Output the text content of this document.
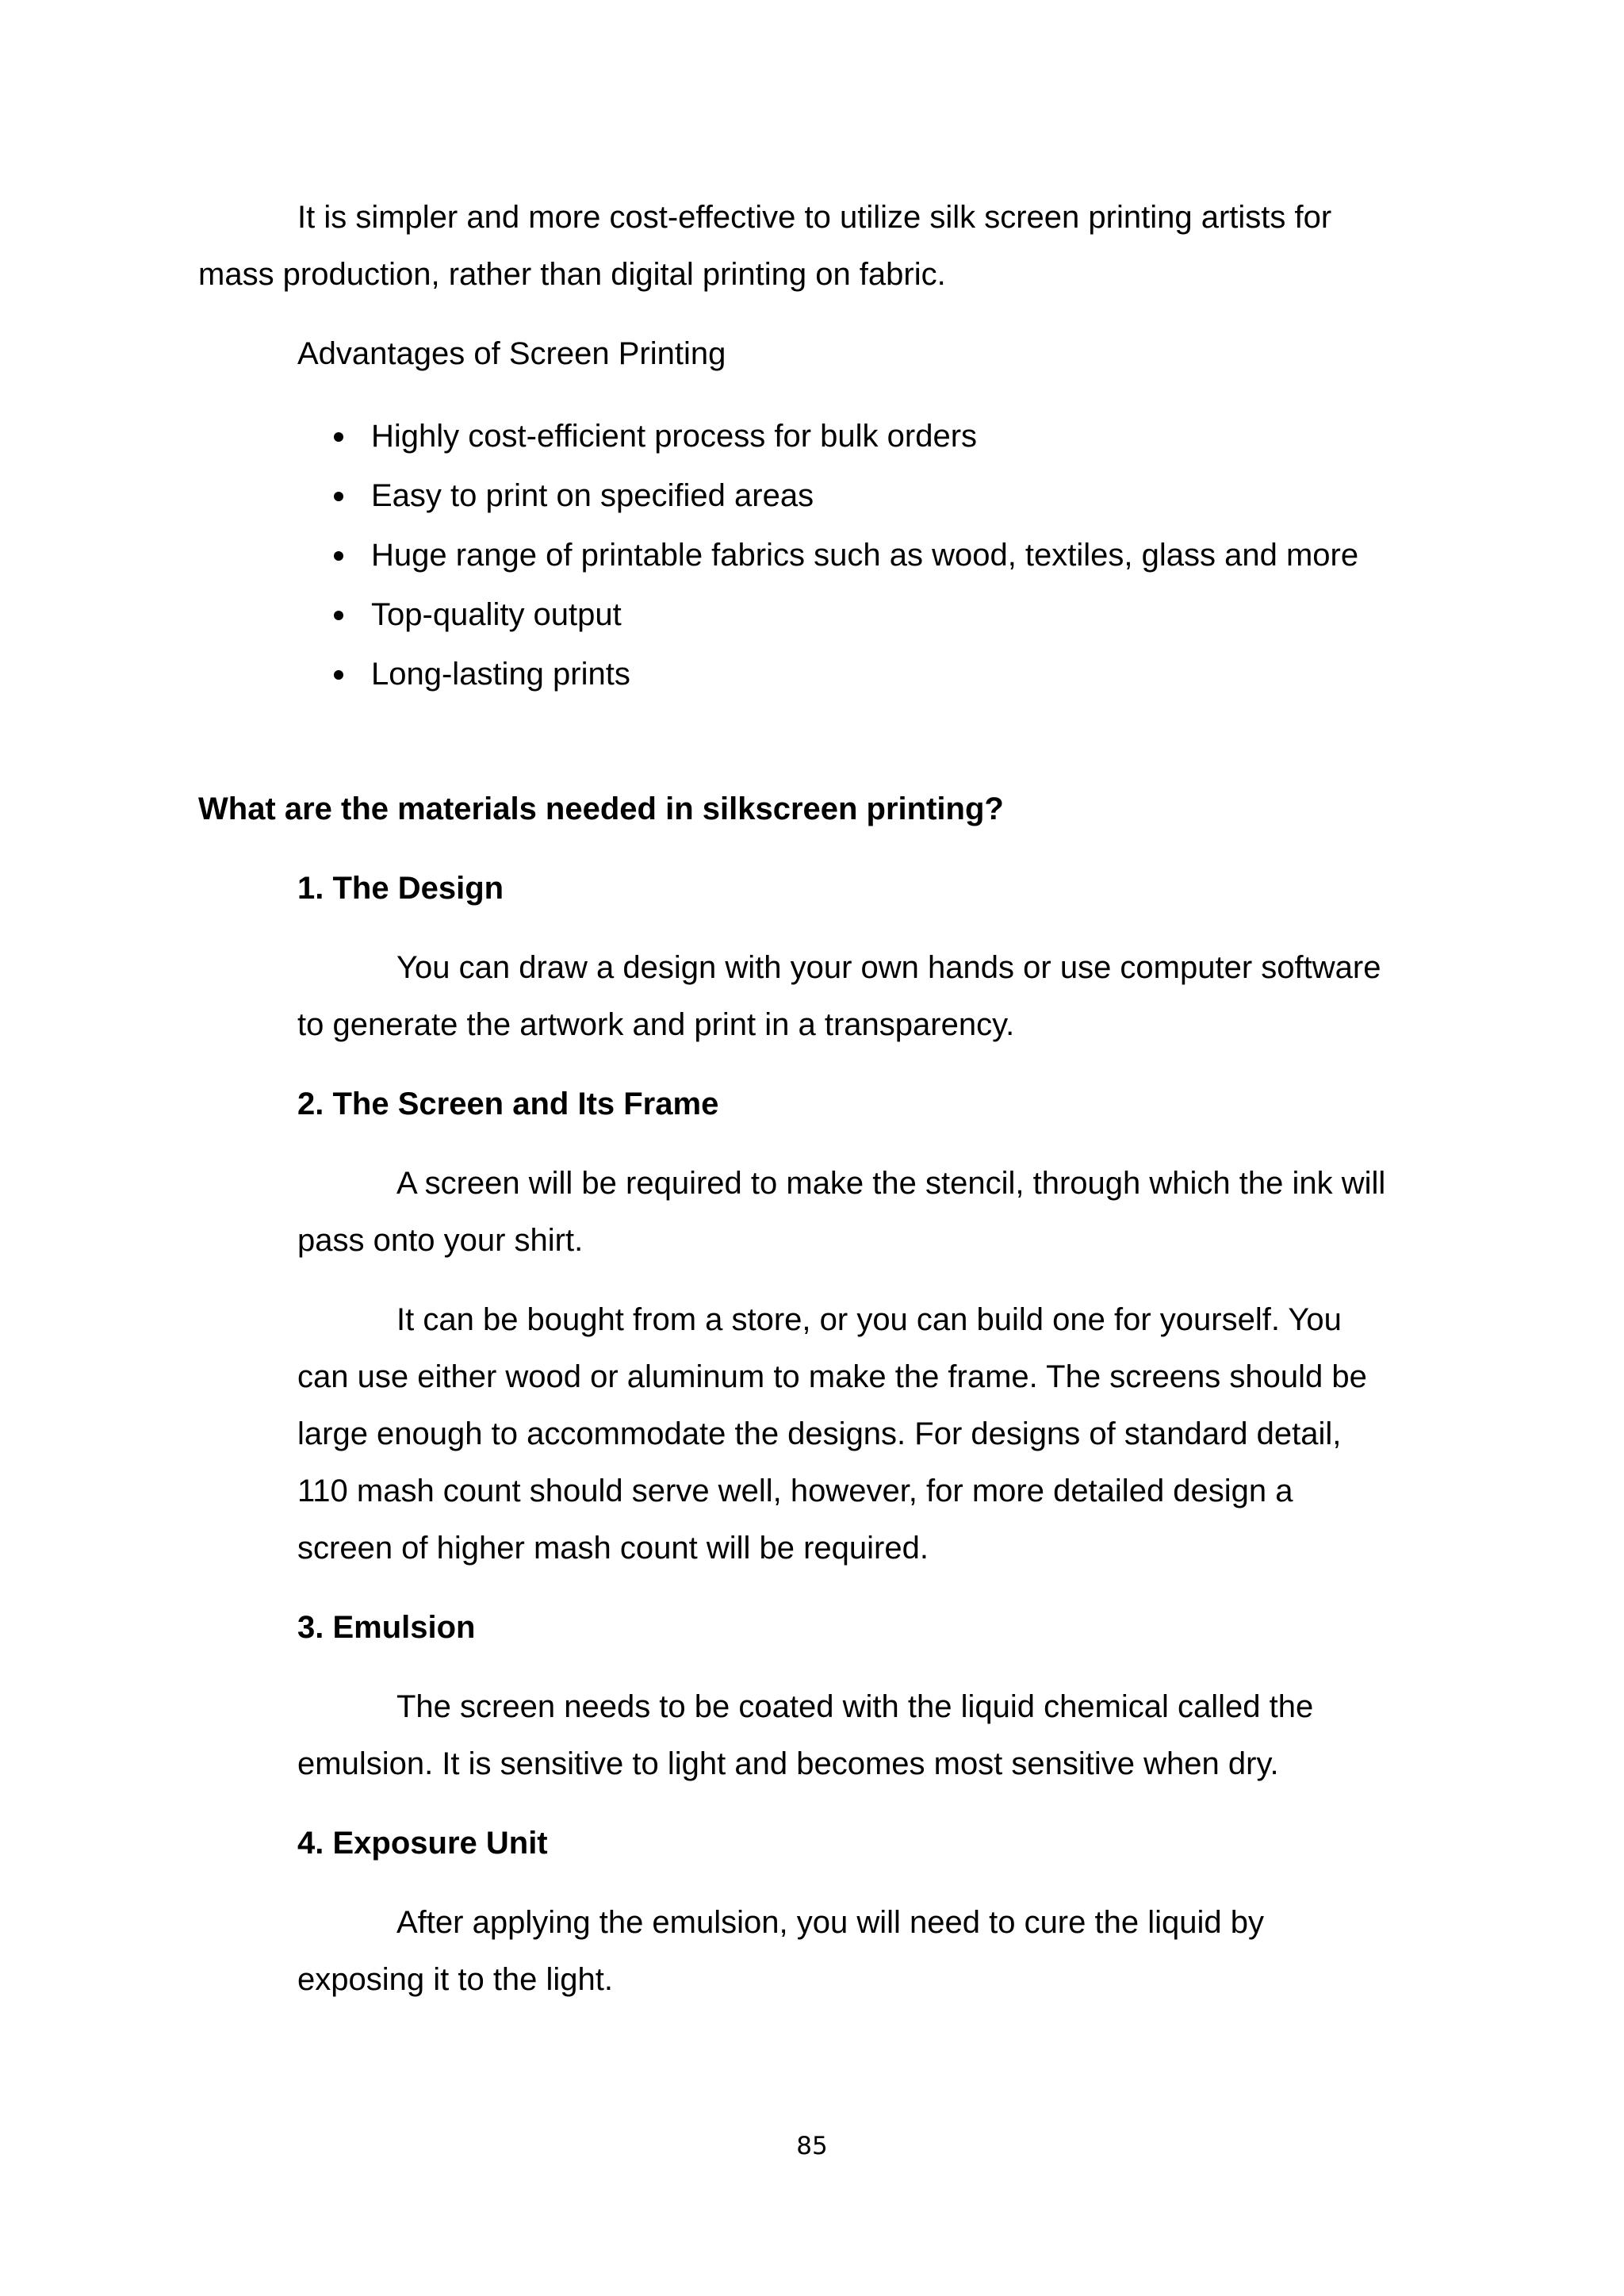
It is simpler and more cost-effective to utilize silk screen printing artists for

mass production, rather than digital printing on fabric.

Advantages of Screen Printing

Highly cost-efficient process for bulk orders

Easy to print on specified areas

Huge range of printable fabrics such as wood, textiles, glass and more

Top-quality output

Long-lasting prints

What are the materials needed in silkscreen printing?

1. The Design

You can draw a design with your own hands or use computer software

to generate the artwork and print in a transparency.

2. The Screen and Its Frame

A screen will be required to make the stencil, through which the ink will

pass onto your shirt.

It can be bought from a store, or you can build one for yourself. You

can use either wood or aluminum to make the frame. The screens should be

large enough to accommodate the designs. For designs of standard detail,

110 mash count should serve well, however, for more detailed design a

screen of higher mash count will be required.

3. Emulsion

The screen needs to be coated with the liquid chemical called the

emulsion. It is sensitive to light and becomes most sensitive when dry.

4. Exposure Unit

After applying the emulsion, you will need to cure the liquid by

exposing it to the light.

85
